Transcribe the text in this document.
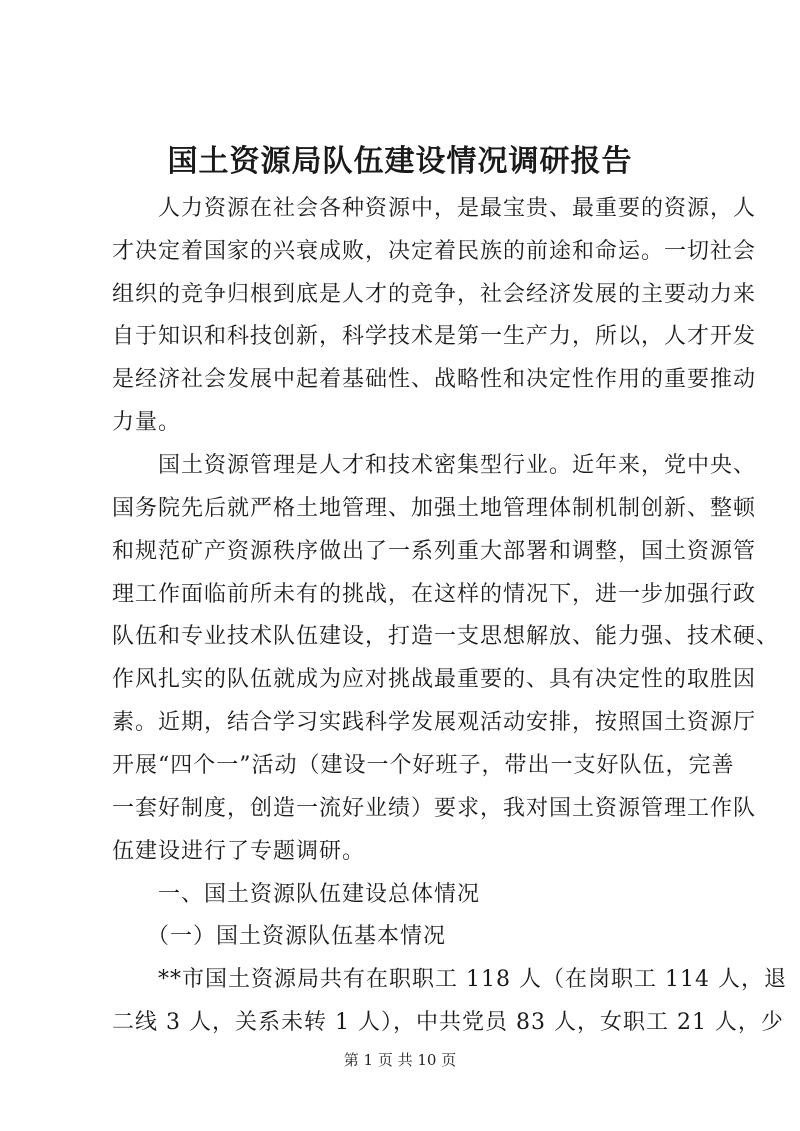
国土资源局队伍建设情况调研报告
　　人力资源在社会各种资源中，是最宝贵、最重要的资源，人
才决定着国家的兴衰成败，决定着民族的前途和命运。一切社会
组织的竞争归根到底是人才的竞争，社会经济发展的主要动力来
自于知识和科技创新，科学技术是第一生产力，所以，人才开发
是经济社会发展中起着基础性、战略性和决定性作用的重要推动
力量。
　　国土资源管理是人才和技术密集型行业。近年来，党中央、
国务院先后就严格土地管理、加强土地管理体制机制创新、整顿
和规范矿产资源秩序做出了一系列重大部署和调整，国土资源管
理工作面临前所未有的挑战，在这样的情况下，进一步加强行政
队伍和专业技术队伍建设，打造一支思想解放、能力强、技术硬、
作风扎实的队伍就成为应对挑战最重要的、具有决定性的取胜因
素。近期，结合学习实践科学发展观活动安排，按照国土资源厅
开展“四个一”活动（建设一个好班子，带出一支好队伍，完善
一套好制度，创造一流好业绩）要求，我对国土资源管理工作队
伍建设进行了专题调研。
　　一、国土资源队伍建设总体情况
　　（一）国土资源队伍基本情况
　　**市国土资源局共有在职职工 118 人（在岗职工 114 人，退
二线 3 人，关系未转 1 人），中共党员 83 人，女职工 21 人，少
第 1 页 共 10 页
